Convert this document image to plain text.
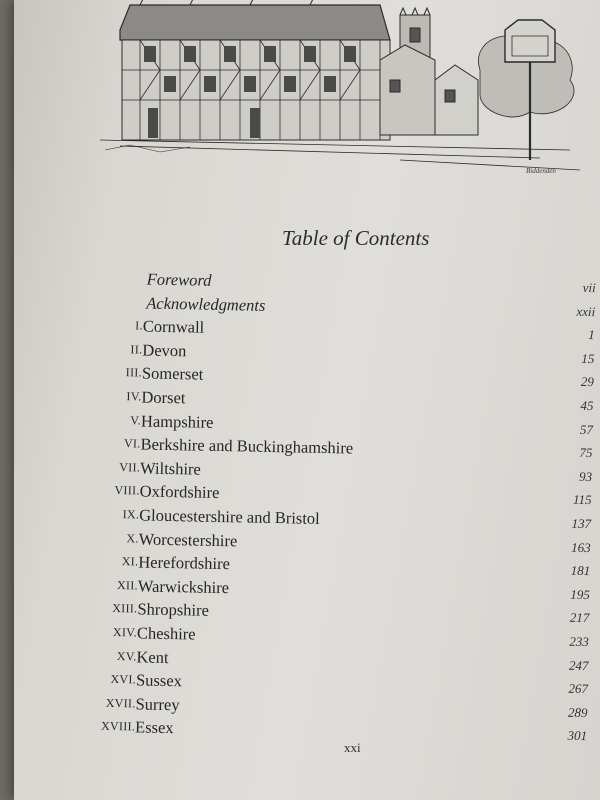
Biddenden
Table of Contents
Foreword	vii
Acknowledgments	xxii
I. Cornwall	1
II. Devon	15
III. Somerset	29
IV. Dorset	45
V. Hampshire	57
VI. Berkshire and Buckinghamshire	75
VII. Wiltshire	93
VIII. Oxfordshire	115
IX. Gloucestershire and Bristol	137
X. Worcestershire	163
XI. Herefordshire	181
XII. Warwickshire	195
XIII. Shropshire	217
XIV. Cheshire	233
XV. Kent	247
XVI. Sussex	267
XVII. Surrey	289
XVIII. Essex	301
xxi
